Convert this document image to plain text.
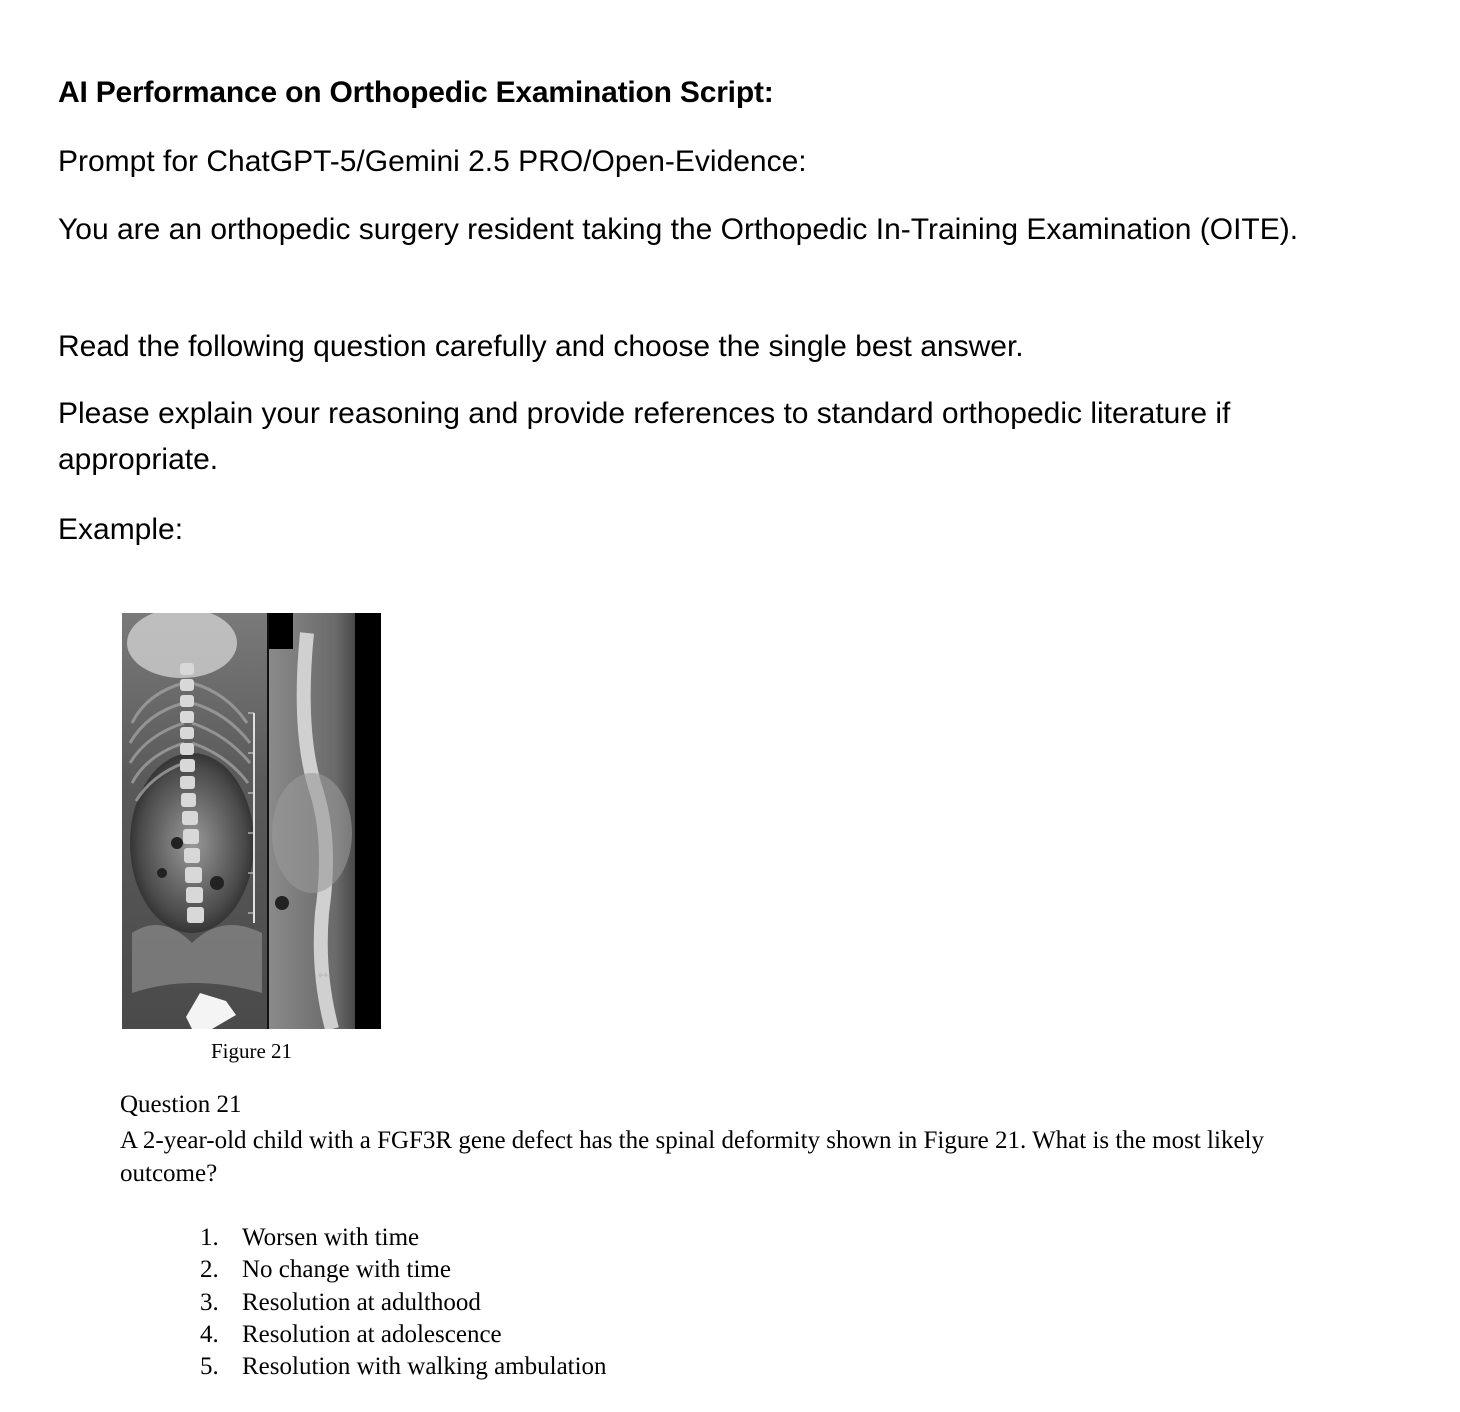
AI Performance on Orthopedic Examination Script:
Prompt for ChatGPT-5/Gemini 2.5 PRO/Open-Evidence:
You are an orthopedic surgery resident taking the Orthopedic In-Training Examination (OITE).
Read the following question carefully and choose the single best answer.
Please explain your reasoning and provide references to standard orthopedic literature if appropriate.
Example:
↔
Figure 21
Question 21
A 2-year-old child with a FGF3R gene defect has the spinal deformity shown in Figure 21. What is the most likely outcome?
1. Worsen with time
2. No change with time
3. Resolution at adulthood
4. Resolution at adolescence
5. Resolution with walking ambulation
